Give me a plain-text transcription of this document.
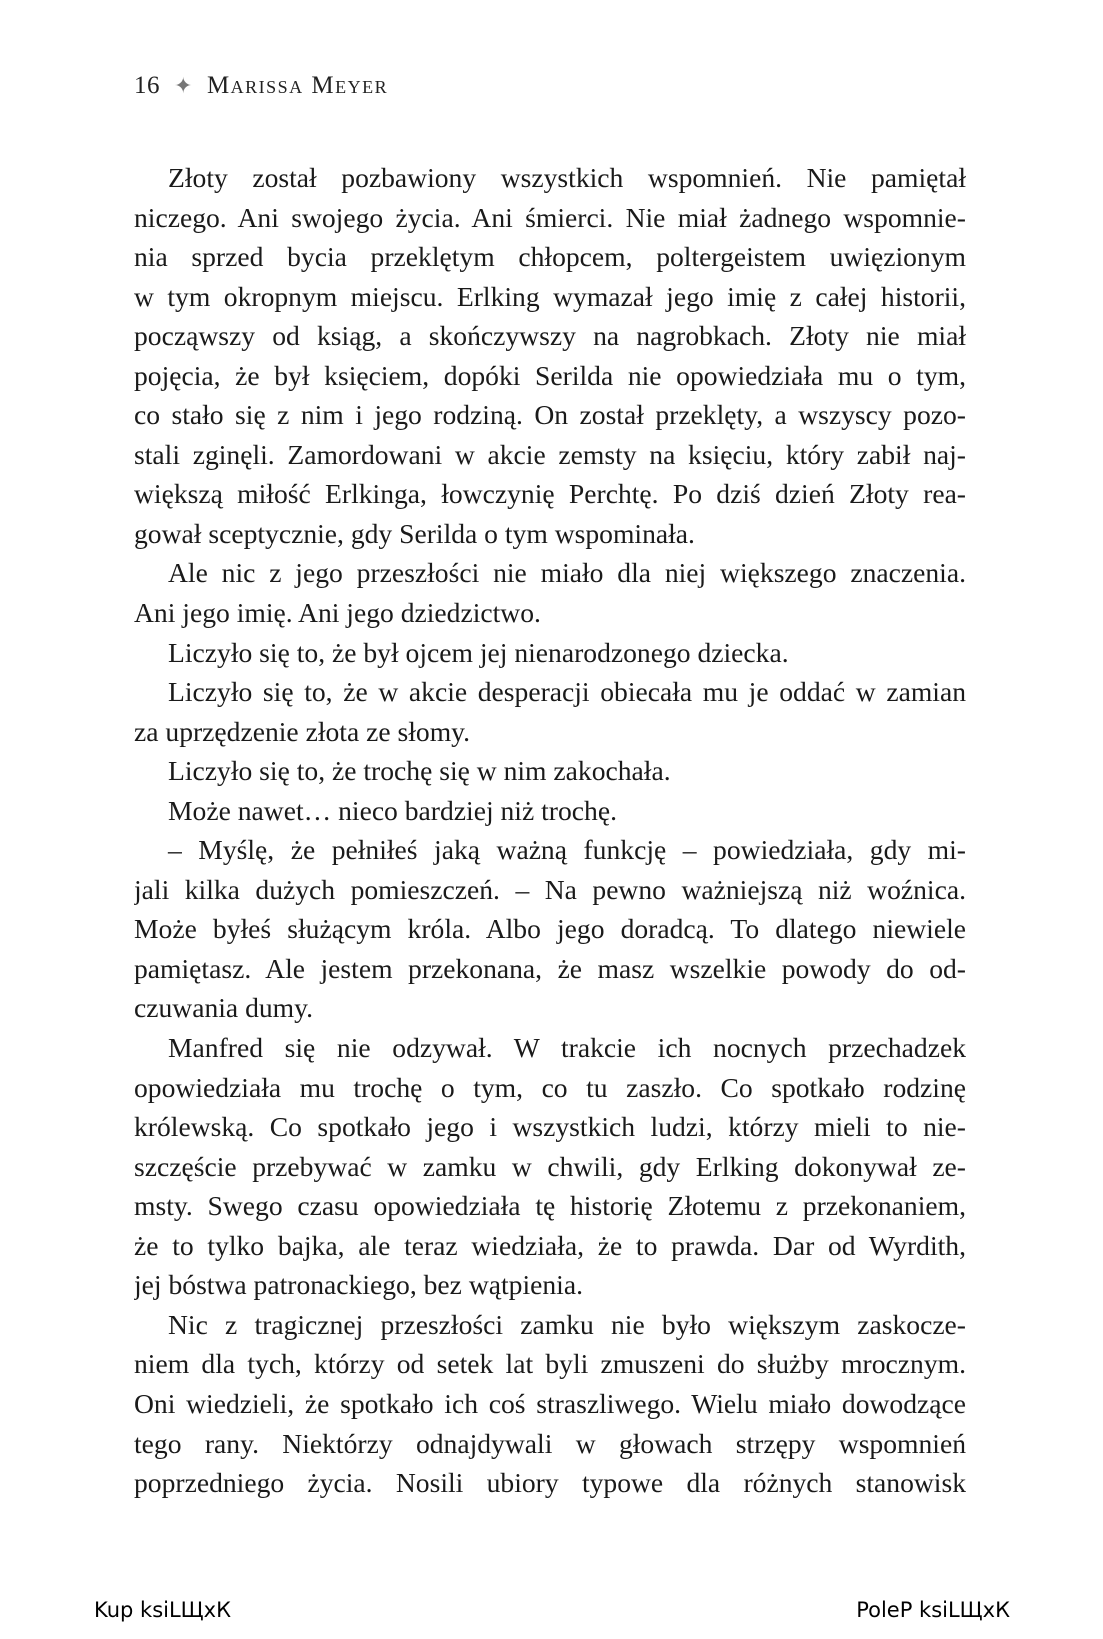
16 ✦ Marissa Meyer
Złoty został pozbawiony wszystkich wspomnień. Nie pamiętał
niczego. Ani swojego życia. Ani śmierci. Nie miał żadnego wspomnie-
nia sprzed bycia przeklętym chłopcem, poltergeistem uwięzionym
w tym okropnym miejscu. Erlking wymazał jego imię z całej historii,
począwszy od ksiąg, a skończywszy na nagrobkach. Złoty nie miał
pojęcia, że był księciem, dopóki Serilda nie opowiedziała mu o tym,
co stało się z nim i jego rodziną. On został przeklęty, a wszyscy pozo-
stali zginęli. Zamordowani w akcie zemsty na księciu, który zabił naj-
większą miłość Erlkinga, łowczynię Perchtę. Po dziś dzień Złoty rea-
gował sceptycznie, gdy Serilda o tym wspominała.
Ale nic z jego przeszłości nie miało dla niej większego znaczenia.
Ani jego imię. Ani jego dziedzictwo.
Liczyło się to, że był ojcem jej nienarodzonego dziecka.
Liczyło się to, że w akcie desperacji obiecała mu je oddać w zamian
za uprzędzenie złota ze słomy.
Liczyło się to, że trochę się w nim zakochała.
Może nawet… nieco bardziej niż trochę.
– Myślę, że pełniłeś jaką ważną funkcję – powiedziała, gdy mi-
jali kilka dużych pomieszczeń. – Na pewno ważniejszą niż woźnica.
Może byłeś służącym króla. Albo jego doradcą. To dlatego niewiele
pamiętasz. Ale jestem przekonana, że masz wszelkie powody do od-
czuwania dumy.
Manfred się nie odzywał. W trakcie ich nocnych przechadzek
opowiedziała mu trochę o tym, co tu zaszło. Co spotkało rodzinę
królewską. Co spotkało jego i wszystkich ludzi, którzy mieli to nie-
szczęście przebywać w zamku w chwili, gdy Erlking dokonywał ze-
msty. Swego czasu opowiedziała tę historię Złotemu z przekonaniem,
że to tylko bajka, ale teraz wiedziała, że to prawda. Dar od Wyrdith,
jej bóstwa patronackiego, bez wątpienia.
Nic z tragicznej przeszłości zamku nie było większym zaskocze-
niem dla tych, którzy od setek lat byli zmuszeni do służby mrocznym.
Oni wiedzieli, że spotkało ich coś straszliwego. Wielu miało dowodzące
tego rany. Niektórzy odnajdywali w głowach strzępy wspomnień
poprzedniego życia. Nosili ubiory typowe dla różnych stanowisk
Kup ksiLЩxК	PoleP ksiLЩxК
